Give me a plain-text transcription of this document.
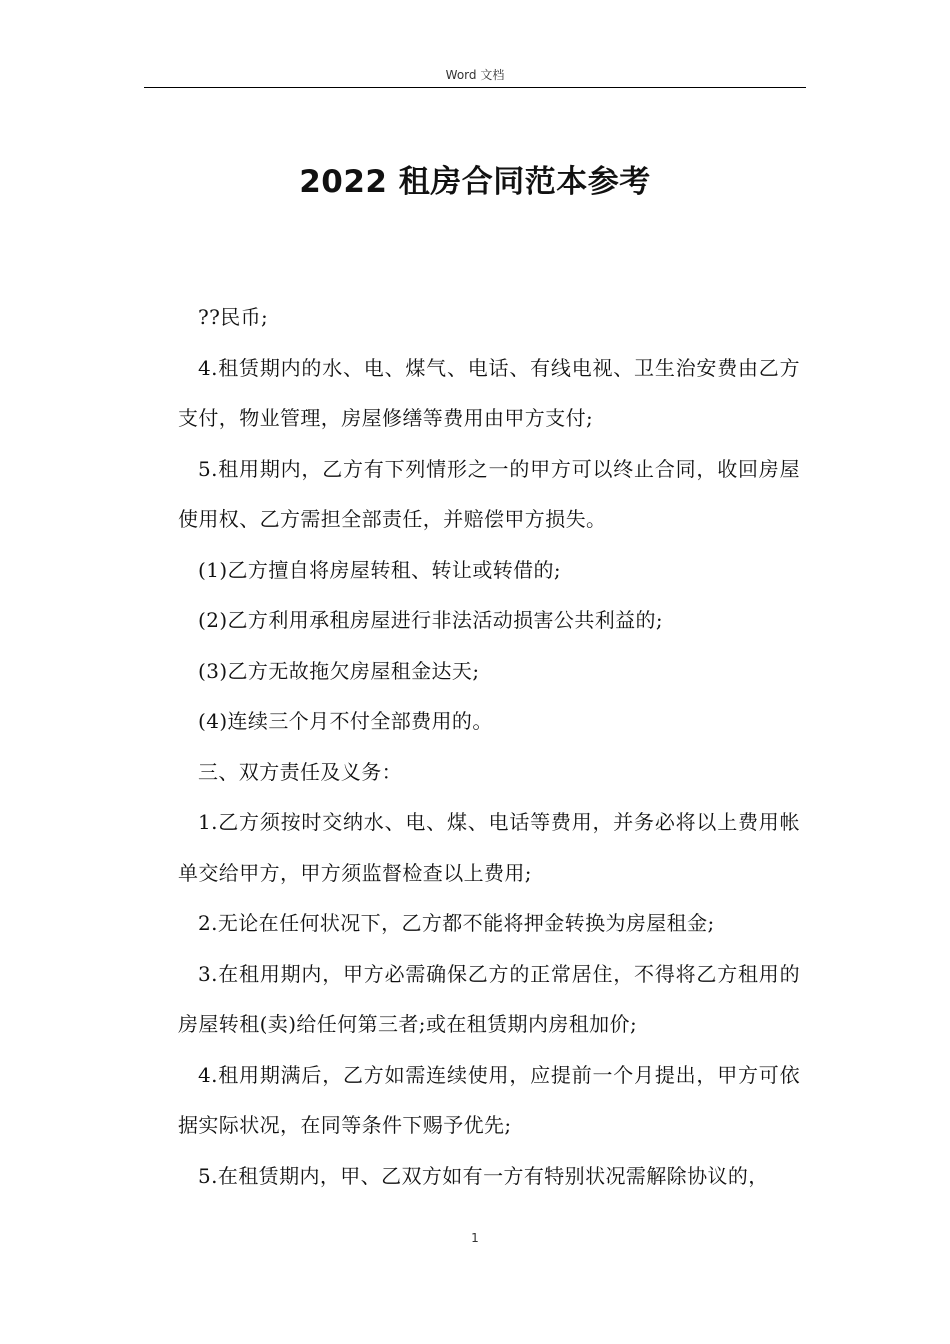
Word 文档
2022 租房合同范本参考

??民币;

4.租赁期内的水、电、煤气、电话、有线电视、卫生治安费由乙方支付，物业管理，房屋修缮等费用由甲方支付;

5.租用期内，乙方有下列情形之一的甲方可以终止合同，收回房屋使用权、乙方需担全部责任，并赔偿甲方损失。

(1)乙方擅自将房屋转租、转让或转借的;

(2)乙方利用承租房屋进行非法活动损害公共利益的;

(3)乙方无故拖欠房屋租金达天;

(4)连续三个月不付全部费用的。

三、双方责任及义务：

1.乙方须按时交纳水、电、煤、电话等费用，并务必将以上费用帐单交给甲方，甲方须监督检查以上费用;

2.无论在任何状况下，乙方都不能将押金转换为房屋租金;

3.在租用期内，甲方必需确保乙方的正常居住，不得将乙方租用的房屋转租(卖)给任何第三者;或在租赁期内房租加价;

4.租用期满后，乙方如需连续使用，应提前一个月提出，甲方可依据实际状况，在同等条件下赐予优先;

5.在租赁期内，甲、乙双方如有一方有特别状况需解除协议的，

1
